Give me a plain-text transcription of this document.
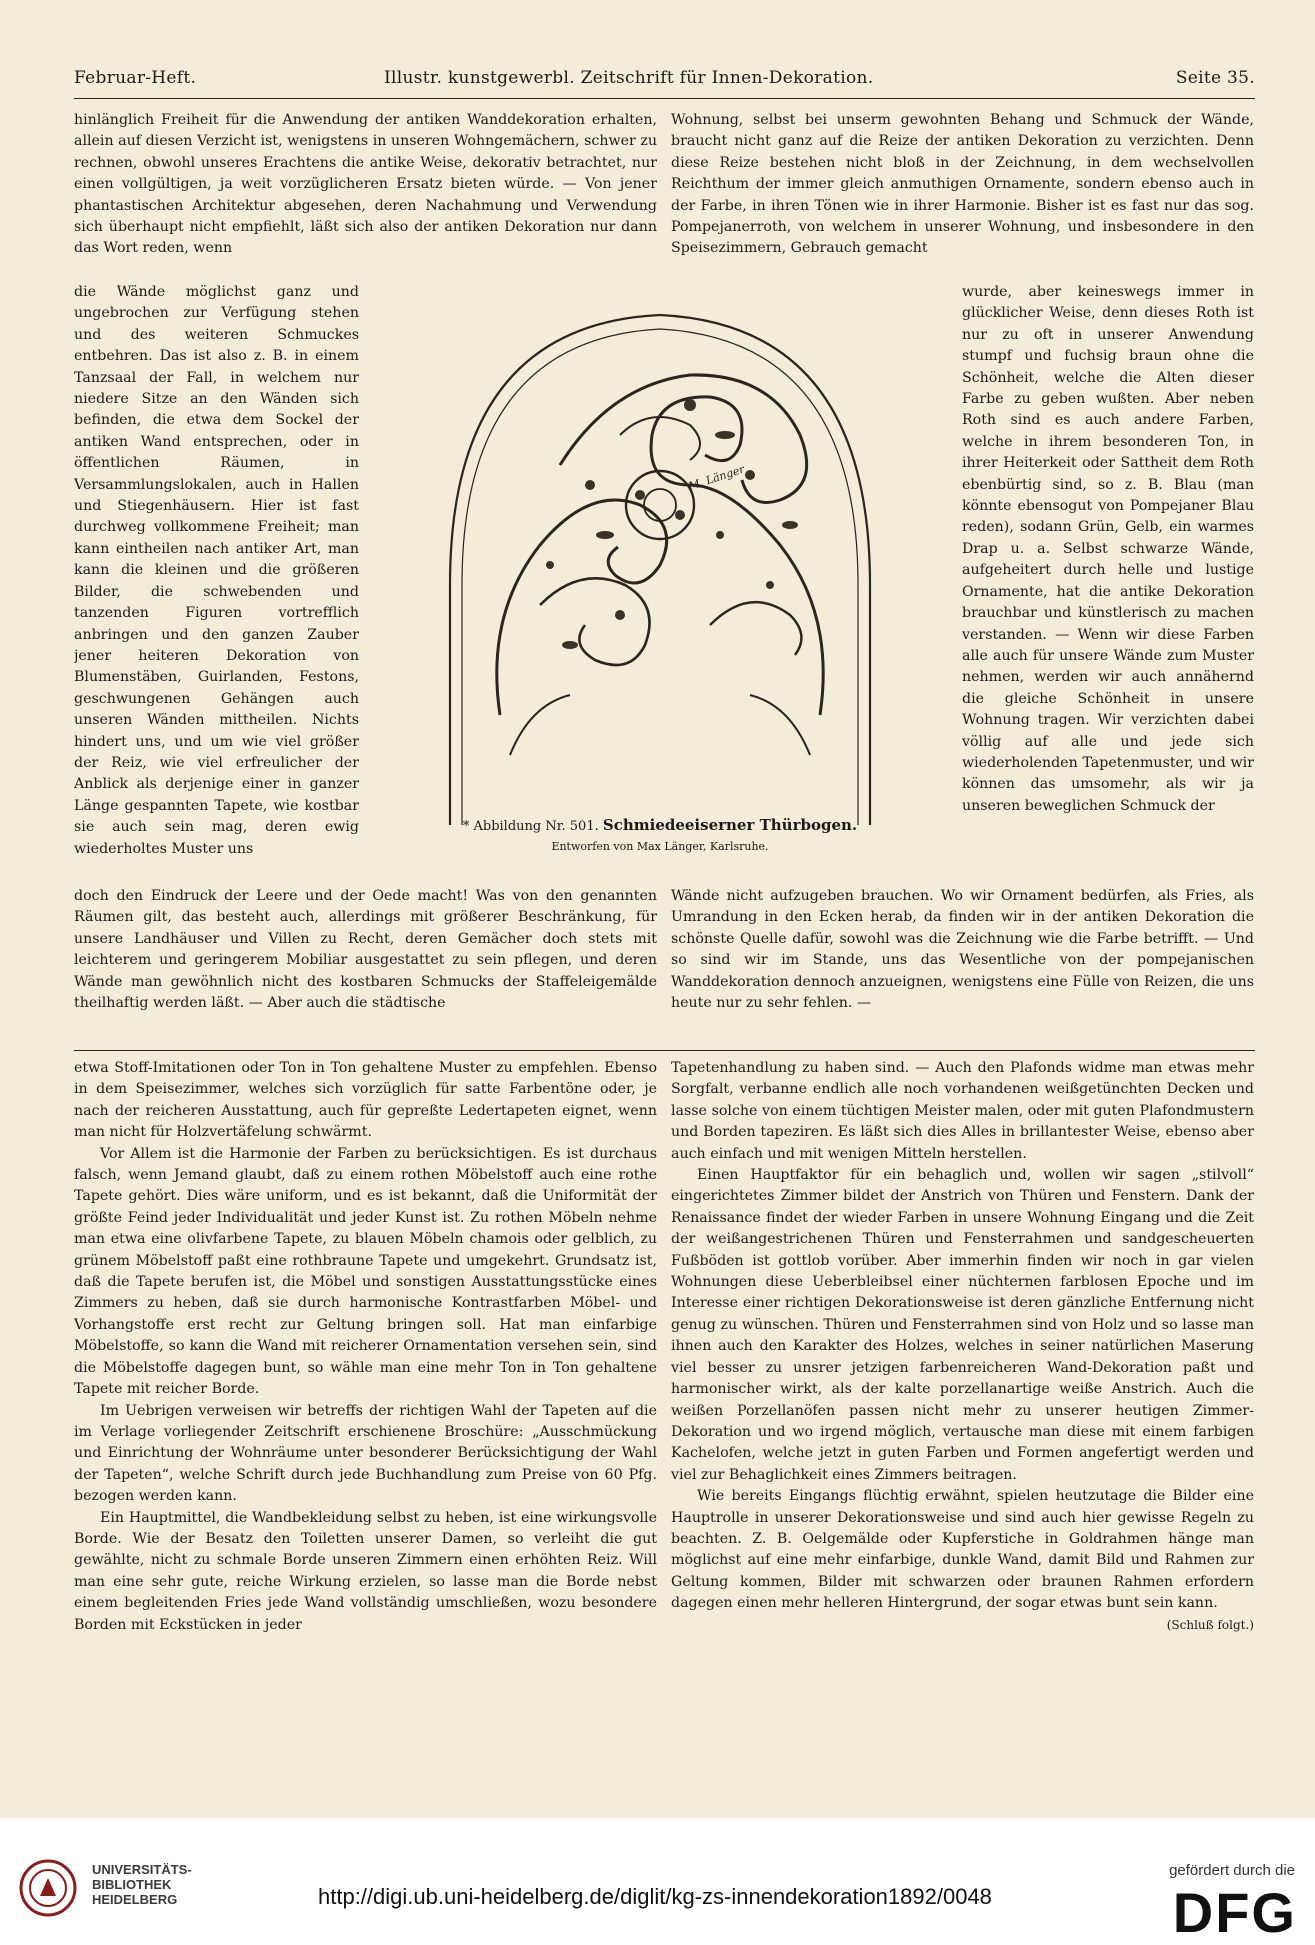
Februar-Heft.	Illustr. kunstgewerbl. Zeitschrift für Innen-Dekoration.	Seite 35.

hinlänglich Freiheit für die Anwendung der antiken Wanddekoration erhalten, allein auf diesen Verzicht ist, wenigstens in unseren Wohngemächern, schwer zu rechnen, obwohl unseres Erachtens die antike Weise, dekorativ betrachtet, nur einen vollgültigen, ja weit vorzüglicheren Ersatz bieten würde. — Von jener phantastischen Architektur abgesehen, deren Nachahmung und Verwendung sich überhaupt nicht empfiehlt, läßt sich also der antiken Dekoration nur dann das Wort reden, wenn

die Wände möglichst ganz und ungebrochen zur Verfügung stehen und des weiteren Schmuckes entbehren. Das ist also z. B. in einem Tanzsaal der Fall, in welchem nur niedere Sitze an den Wänden sich befinden, die etwa dem Sockel der antiken Wand entsprechen, oder in öffentlichen Räumen, in Versammlungslokalen, auch in Hallen und Stiegenhäusern. Hier ist fast durchweg vollkommene Freiheit; man kann eintheilen nach antiker Art, man kann die kleinen und die größeren Bilder, die schwebenden und tanzenden Figuren vortrefflich anbringen und den ganzen Zauber jener heiteren Dekoration von Blumenstäben, Guirlanden, Festons, geschwungenen Gehängen auch unseren Wänden mittheilen. Nichts hindert uns, und um wie viel größer der Reiz, wie viel erfreulicher der Anblick als derjenige einer in ganzer Länge gespannten Tapete, wie kostbar sie auch sein mag, deren ewig wiederholtes Muster uns

doch den Eindruck der Leere und der Oede macht! Was von den genannten Räumen gilt, das besteht auch, allerdings mit größerer Beschränkung, für unsere Landhäuser und Villen zu Recht, deren Gemächer doch stets mit leichterem und geringerem Mobiliar ausgestattet zu sein pflegen, und deren Wände man gewöhnlich nicht des kostbaren Schmucks der Staffeleigemälde theilhaftig werden läßt. — Aber auch die städtische

Wohnung, selbst bei unserm gewohnten Behang und Schmuck der Wände, braucht nicht ganz auf die Reize der antiken Dekoration zu verzichten. Denn diese Reize bestehen nicht bloß in der Zeichnung, in dem wechselvollen Reichthum der immer gleich anmuthigen Ornamente, sondern ebenso auch in der Farbe, in ihren Tönen wie in ihrer Harmonie. Bisher ist es fast nur das sog. Pompejanerroth, von welchem in unserer Wohnung, und insbesondere in den Speisezimmern, Gebrauch gemacht

wurde, aber keineswegs immer in glücklicher Weise, denn dieses Roth ist nur zu oft in unserer Anwendung stumpf und fuchsig braun ohne die Schönheit, welche die Alten dieser Farbe zu geben wußten. Aber neben Roth sind es auch andere Farben, welche in ihrem besonderen Ton, in ihrer Heiterkeit oder Sattheit dem Roth ebenbürtig sind, so z. B. Blau (man könnte ebensogut von Pompejaner Blau reden), sodann Grün, Gelb, ein warmes Drap u. a. Selbst schwarze Wände, aufgeheitert durch helle und lustige Ornamente, hat die antike Dekoration brauchbar und künstlerisch zu machen verstanden. — Wenn wir diese Farben alle auch für unsere Wände zum Muster nehmen, werden wir auch annähernd die gleiche Schönheit in unsere Wohnung tragen. Wir verzichten dabei völlig auf alle und jede sich wiederholenden Tapetenmuster, und wir können das umsomehr, als wir ja unseren beweglichen Schmuck der

Wände nicht aufzugeben brauchen. Wo wir Ornament bedürfen, als Fries, als Umrandung in den Ecken herab, da finden wir in der antiken Dekoration die schönste Quelle dafür, sowohl was die Zeichnung wie die Farbe betrifft. — Und so sind wir im Stande, uns das Wesentliche von der pompejanischen Wanddekoration dennoch anzueignen, wenigstens eine Fülle von Reizen, die uns heute nur zu sehr fehlen. —

M. Länger
* Abbildung Nr. 501. Schmiedeeiserner Thürbogen.
Entworfen von Max Länger, Karlsruhe.

etwa Stoff-Imitationen oder Ton in Ton gehaltene Muster zu empfehlen. Ebenso in dem Speisezimmer, welches sich vorzüglich für satte Farbentöne oder, je nach der reicheren Ausstattung, auch für gepreßte Ledertapeten eignet, wenn man nicht für Holzvertäfelung schwärmt.

Vor Allem ist die Harmonie der Farben zu berücksichtigen. Es ist durchaus falsch, wenn Jemand glaubt, daß zu einem rothen Möbelstoff auch eine rothe Tapete gehört. Dies wäre uniform, und es ist bekannt, daß die Uniformität der größte Feind jeder Individualität und jeder Kunst ist. Zu rothen Möbeln nehme man etwa eine olivfarbene Tapete, zu blauen Möbeln chamois oder gelblich, zu grünem Möbelstoff paßt eine rothbraune Tapete und umgekehrt. Grundsatz ist, daß die Tapete berufen ist, die Möbel und sonstigen Ausstattungsstücke eines Zimmers zu heben, daß sie durch harmonische Kontrastfarben Möbel- und Vorhangstoffe erst recht zur Geltung bringen soll. Hat man einfarbige Möbelstoffe, so kann die Wand mit reicherer Ornamentation versehen sein, sind die Möbelstoffe dagegen bunt, so wähle man eine mehr Ton in Ton gehaltene Tapete mit reicher Borde.

Im Uebrigen verweisen wir betreffs der richtigen Wahl der Tapeten auf die im Verlage vorliegender Zeitschrift erschienene Broschüre: „Ausschmückung und Einrichtung der Wohnräume unter besonderer Berücksichtigung der Wahl der Tapeten“, welche Schrift durch jede Buchhandlung zum Preise von 60 Pfg. bezogen werden kann.

Ein Hauptmittel, die Wandbekleidung selbst zu heben, ist eine wirkungsvolle Borde. Wie der Besatz den Toiletten unserer Damen, so verleiht die gut gewählte, nicht zu schmale Borde unseren Zimmern einen erhöhten Reiz. Will man eine sehr gute, reiche Wirkung erzielen, so lasse man die Borde nebst einem begleitenden Fries jede Wand vollständig umschließen, wozu besondere Borden mit Eckstücken in jeder

Tapetenhandlung zu haben sind. — Auch den Plafonds widme man etwas mehr Sorgfalt, verbanne endlich alle noch vorhandenen weißgetünchten Decken und lasse solche von einem tüchtigen Meister malen, oder mit guten Plafondmustern und Borden tapeziren. Es läßt sich dies Alles in brillantester Weise, ebenso aber auch einfach und mit wenigen Mitteln herstellen.

Einen Hauptfaktor für ein behaglich und, wollen wir sagen „stilvoll“ eingerichtetes Zimmer bildet der Anstrich von Thüren und Fenstern. Dank der Renaissance findet der wieder Farben in unsere Wohnung Eingang und die Zeit der weißangestrichenen Thüren und Fensterrahmen und sandgescheuerten Fußböden ist gottlob vorüber. Aber immerhin finden wir noch in gar vielen Wohnungen diese Ueberbleibsel einer nüchternen farblosen Epoche und im Interesse einer richtigen Dekorationsweise ist deren gänzliche Entfernung nicht genug zu wünschen. Thüren und Fensterrahmen sind von Holz und so lasse man ihnen auch den Karakter des Holzes, welches in seiner natürlichen Maserung viel besser zu unsrer jetzigen farbenreicheren Wand-Dekoration paßt und harmonischer wirkt, als der kalte porzellanartige weiße Anstrich. Auch die weißen Porzellanöfen passen nicht mehr zu unserer heutigen Zimmer-Dekoration und wo irgend möglich, vertausche man diese mit einem farbigen Kachelofen, welche jetzt in guten Farben und Formen angefertigt werden und viel zur Behaglichkeit eines Zimmers beitragen.

Wie bereits Eingangs flüchtig erwähnt, spielen heutzutage die Bilder eine Hauptrolle in unserer Dekorationsweise und sind auch hier gewisse Regeln zu beachten. Z. B. Oelgemälde oder Kupferstiche in Goldrahmen hänge man möglichst auf eine mehr einfarbige, dunkle Wand, damit Bild und Rahmen zur Geltung kommen, Bilder mit schwarzen oder braunen Rahmen erfordern dagegen einen mehr helleren Hintergrund, der sogar etwas bunt sein kann.

(Schluß folgt.)

UNIVERSITÄTS-
BIBLIOTHEK
HEIDELBERG	http://digi.ub.uni-heidelberg.de/diglit/kg-zs-innendekoration1892/0048
gefördert durch die
DFG
